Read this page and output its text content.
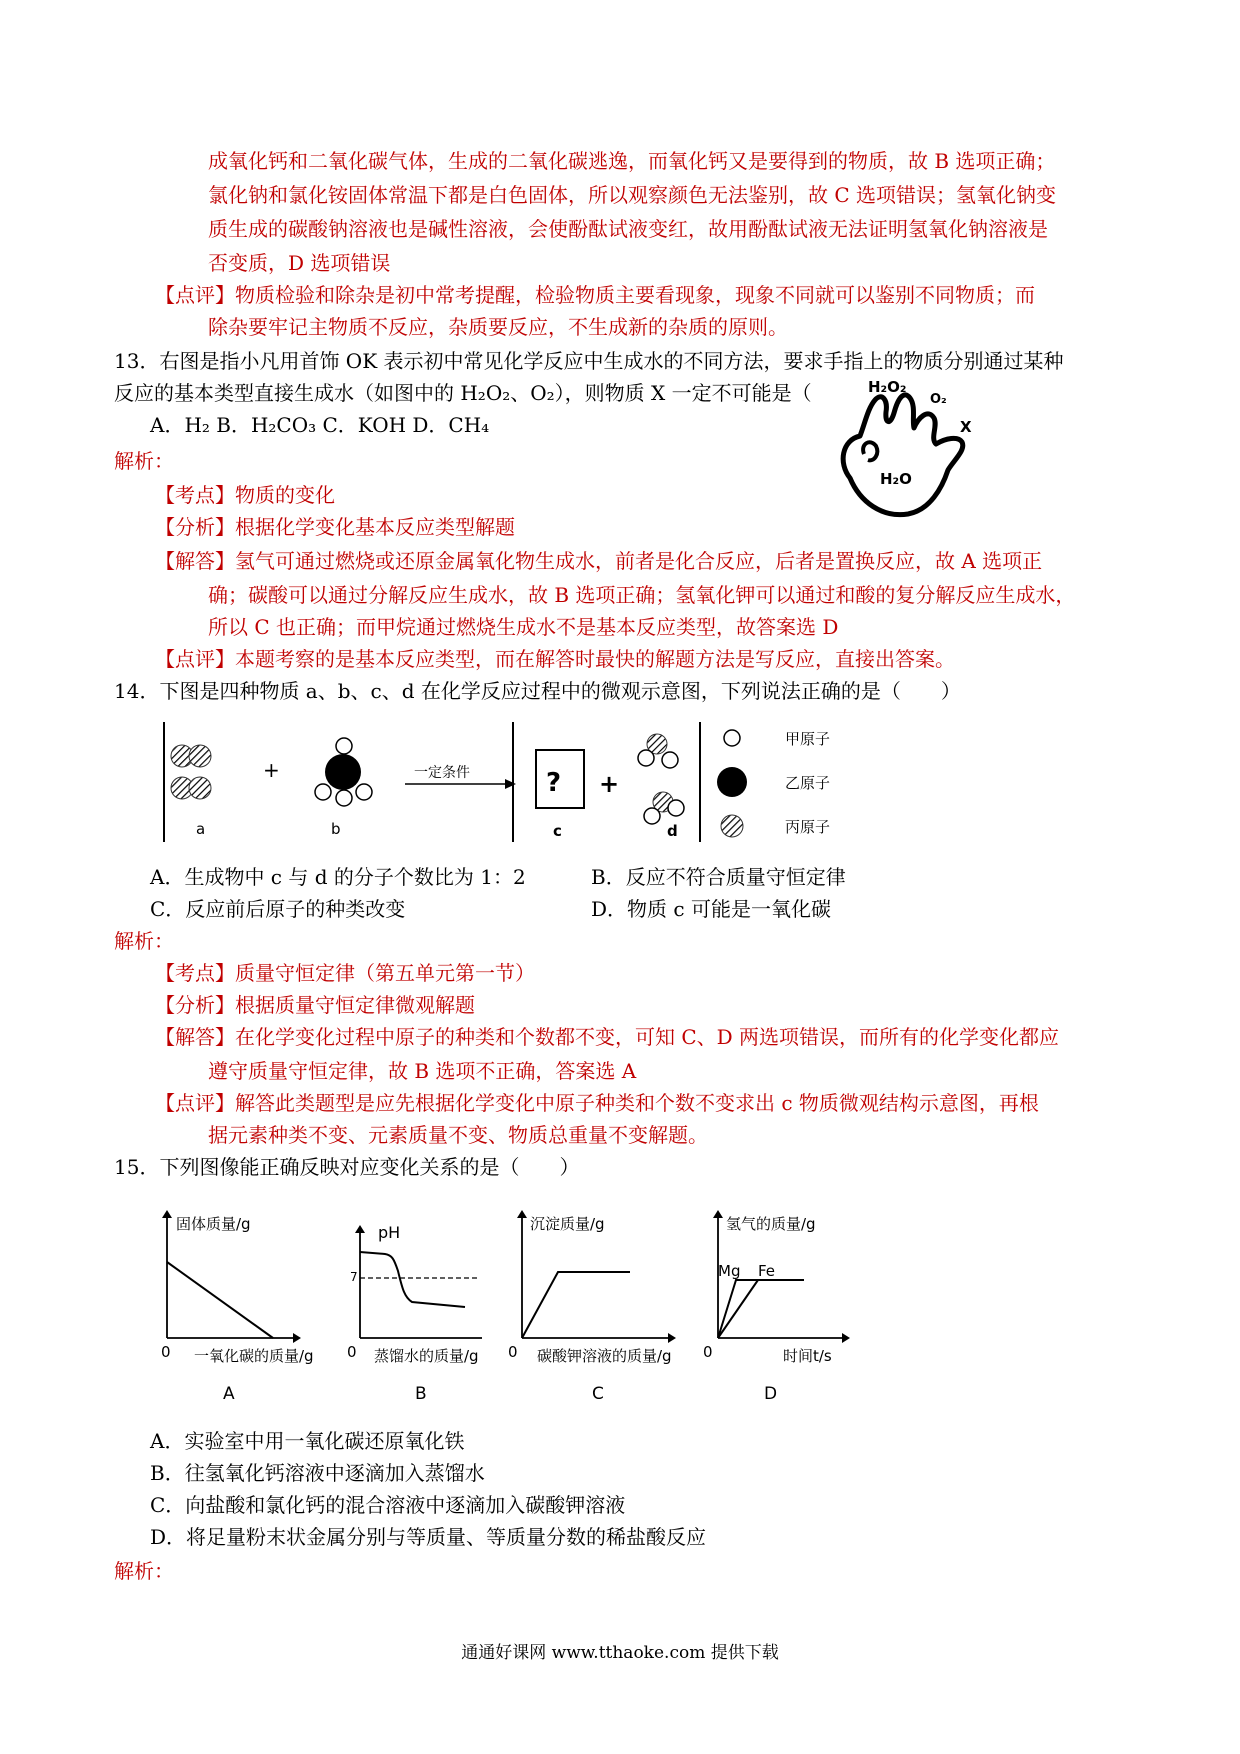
成氧化钙和二氧化碳气体，生成的二氧化碳逃逸，而氧化钙又是要得到的物质，故 B 选项正确；
氯化钠和氯化铵固体常温下都是白色固体，所以观察颜色无法鉴别，故 C 选项错误；氢氧化钠变
质生成的碳酸钠溶液也是碱性溶液，会使酚酞试液变红，故用酚酞试液无法证明氢氧化钠溶液是
否变质，D 选项错误
【点评】物质检验和除杂是初中常考提醒，检验物质主要看现象，现象不同就可以鉴别不同物质；而
除杂要牢记主物质不反应，杂质要反应，不生成新的杂质的原则。
13．右图是指小凡用首饰 OK 表示初中常见化学反应中生成水的不同方法，要求手指上的物质分别通过某种
反应的基本类型直接生成水（如图中的 H₂O₂、O₂），则物质 X 一定不可能是（
A．H₂ B．H₂CO₃ C．KOH D．CH₄
H₂O₂
O₂
X
H₂O
解析：
【考点】物质的变化
【分析】根据化学变化基本反应类型解题
【解答】氢气可通过燃烧或还原金属氧化物生成水，前者是化合反应，后者是置换反应，故 A 选项正
确；碳酸可以通过分解反应生成水，故 B 选项正确；氢氧化钾可以通过和酸的复分解反应生成水，
所以 C 也正确；而甲烷通过燃烧生成水不是基本反应类型，故答案选 D
【点评】本题考察的是基本反应类型，而在解答时最快的解题方法是写反应，直接出答案。
14．下图是四种物质 a、b、c、d 在化学反应过程中的微观示意图，下列说法正确的是（　　）
a
+
b
一定条件	?
c
+
d
甲原子
乙原子
丙原子
A．生成物中 c 与 d 的分子个数比为 1：2	B．反应不符合质量守恒定律
C．反应前后原子的种类改变	D．物质 c 可能是一氧化碳
解析：
【考点】质量守恒定律（第五单元第一节）
【分析】根据质量守恒定律微观解题
【解答】在化学变化过程中原子的种类和个数都不变，可知 C、D 两选项错误，而所有的化学变化都应
遵守质量守恒定律，故 B 选项不正确，答案选 A
【点评】解答此类题型是应先根据化学变化中原子种类和个数不变求出 c 物质微观结构示意图，再根
据元素种类不变、元素质量不变、物质总重量不变解题。
15．下列图像能正确反映对应变化关系的是（　　）
固体质量/g
0 一氧化碳的质量/g
A
pH
7
0 蒸馏水的质量/g
B
沉淀质量/g
0 碳酸钾溶液的质量/g
C
氢气的质量/g
Mg Fe
0	时间t/s
D
A．实验室中用一氧化碳还原氧化铁
B．往氢氧化钙溶液中逐滴加入蒸馏水
C．向盐酸和氯化钙的混合溶液中逐滴加入碳酸钾溶液
D．将足量粉末状金属分别与等质量、等质量分数的稀盐酸反应
解析：
通通好课网 www.tthaoke.com 提供下载
